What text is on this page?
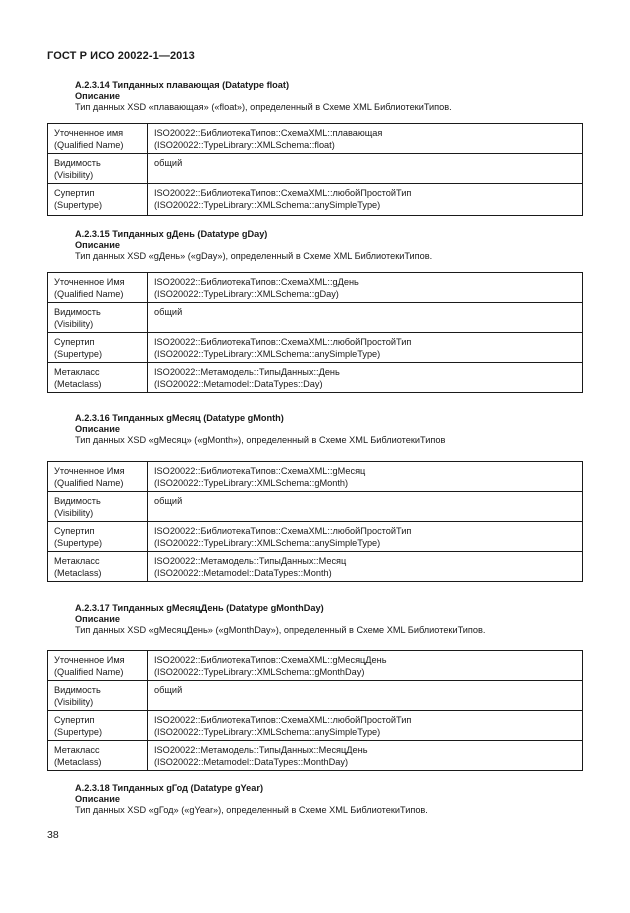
ГОСТ Р ИСО 20022-1—2013
А.2.3.14 Типданных плавающая (Datatype float)
Описание
Тип данных XSD «плавающая» («float»), определенный в Схеме XML БиблиотекиТипов.
Уточненное имя
(Qualified Name)	ISO20022::БиблиотекаТипов::СхемаXML::плавающая
(ISO20022::TypeLibrary::XMLSchema::float)

Видимость
(Visibility)	общий

Супертип
(Supertype)	ISO20022::БиблиотекаТипов::СхемаXML::любойПростойТип
(ISO20022::TypeLibrary::XMLSchema::anySimpleType)
А.2.3.15 Типданных gДень (Datatype gDay)
Описание
Тип данных XSD «gДень» («gDay»), определенный в Схеме XML БиблиотекиТипов.
Уточненное Имя
(Qualified Name)	ISO20022::БиблиотекаТипов::СхемаXML::gДень
(ISO20022::TypeLibrary::XMLSchema::gDay)

Видимость
(Visibility)	общий

Супертип
(Supertype)	ISO20022::БиблиотекаТипов::СхемаXML::любойПростойТип
(ISO20022::TypeLibrary::XMLSchema::anySimpleType)

Метакласс
(Metaclass)	ISO20022::Метамодель::ТипыДанных::День
(ISO20022::Metamodel::DataTypes::Day)
А.2.3.16 Типданных gМесяц (Datatype gMonth)
Описание
Тип данных XSD «gМесяц» («gMonth»), определенный в Схеме XML БиблиотекиТипов
Уточненное Имя
(Qualified Name)	ISO20022::БиблиотекаТипов::СхемаXML::gМесяц
(ISO20022::TypeLibrary::XMLSchema::gMonth)

Видимость
(Visibility)	общий

Супертип
(Supertype)	ISO20022::БиблиотекаТипов::СхемаXML::любойПростойТип
(ISO20022::TypeLibrary::XMLSchema::anySimpleType)

Метакласс
(Metaclass)	ISO20022::Метамодель::ТипыДанных::Месяц
(ISO20022::Metamodel::DataTypes::Month)
А.2.3.17 Типданных gМесяцДень (Datatype gMonthDay)
Описание
Тип данных XSD «gМесяцДень» («gMonthDay»), определенный в Схеме XML БиблиотекиТипов.
Уточненное Имя
(Qualified Name)	ISO20022::БиблиотекаТипов::СхемаXML::gМесяцДень
(ISO20022::TypeLibrary::XMLSchema::gMonthDay)

Видимость
(Visibility)	общий

Супертип
(Supertype)	ISO20022::БиблиотекаТипов::СхемаXML::любойПростойТип
(ISO20022::TypeLibrary::XMLSchema::anySimpleType)

Метакласс
(Metaclass)	ISO20022::Метамодель::ТипыДанных::МесяцДень
(ISO20022::Metamodel::DataTypes::MonthDay)
А.2.3.18 Типданных gГод (Datatype gYear)
Описание
Тип данных XSD «gГод» («gYear»), определенный в Схеме XML БиблиотекиТипов.
38
